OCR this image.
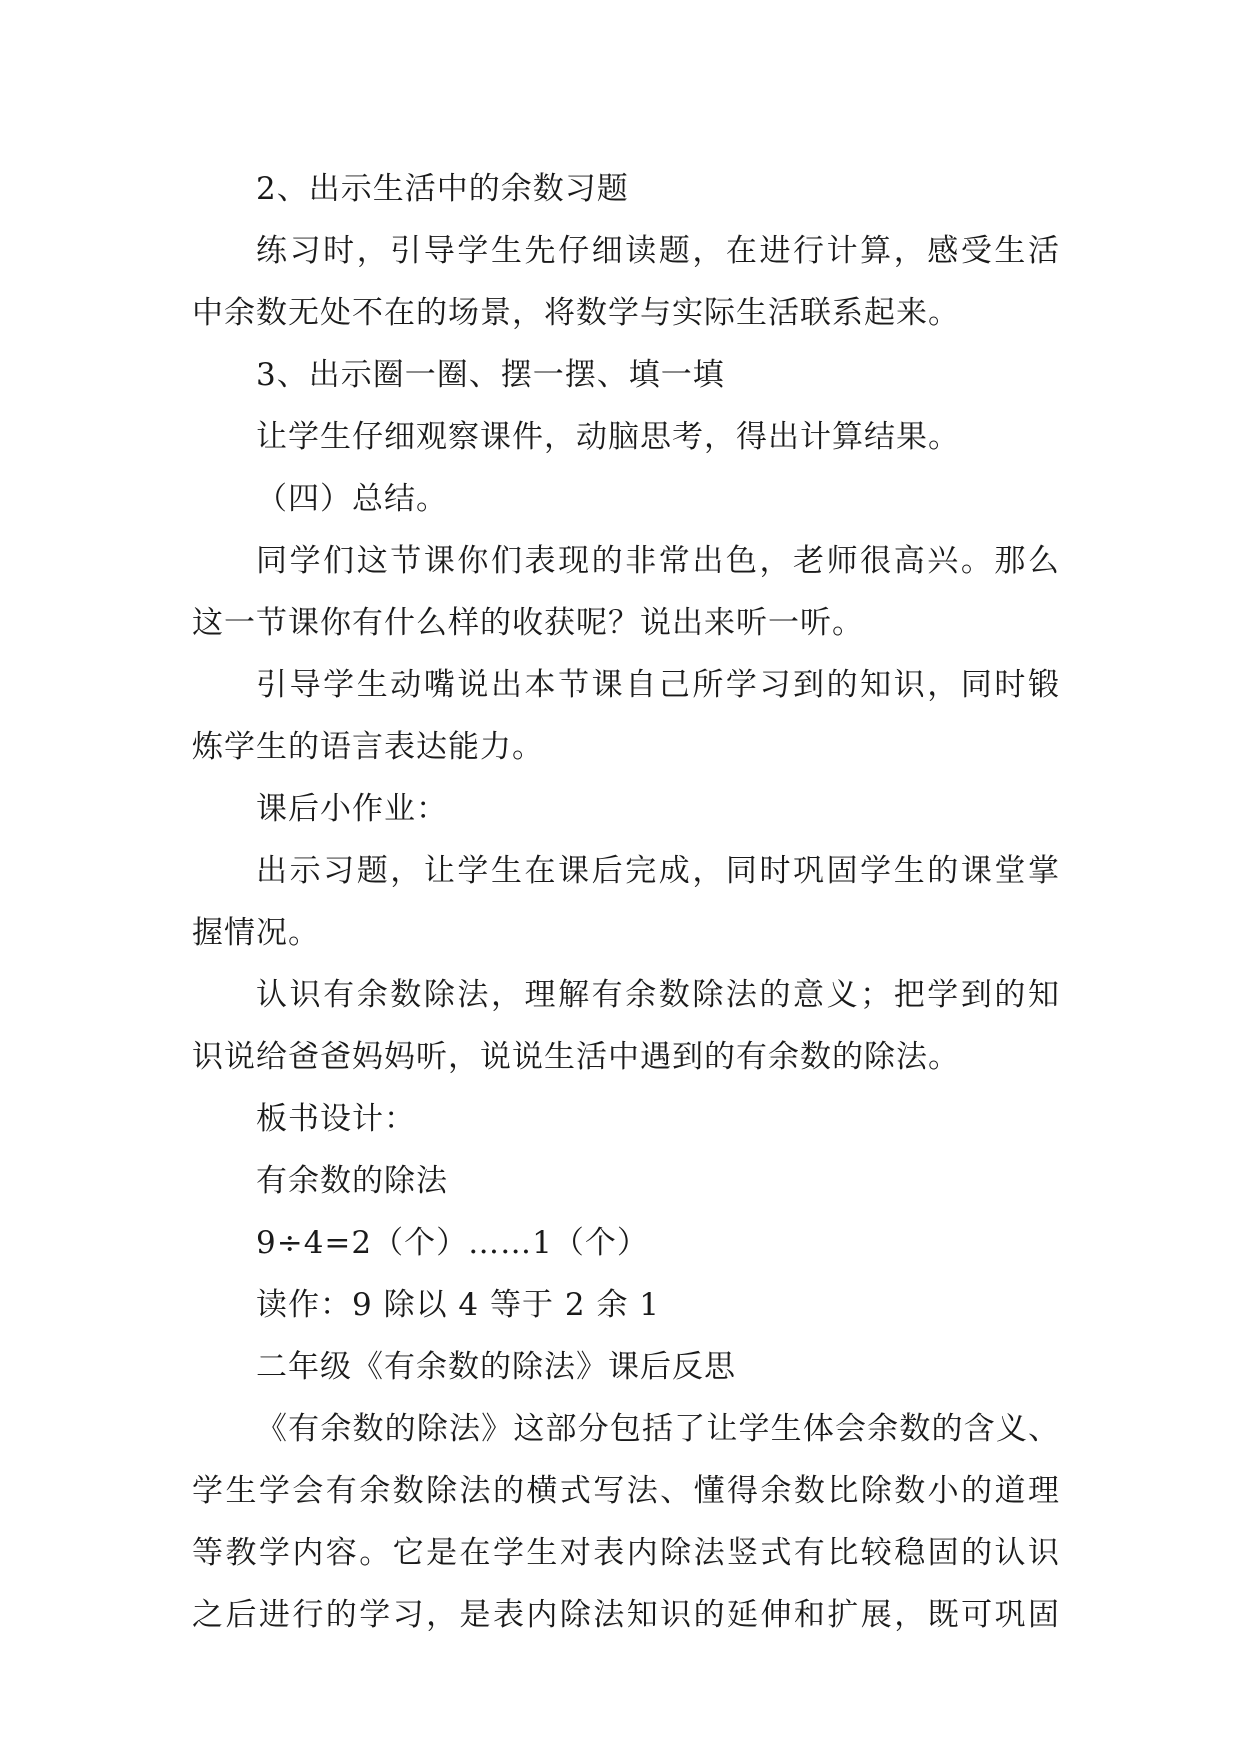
2、出示生活中的余数习题
练习时，引导学生先仔细读题，在进行计算，感受生活
中余数无处不在的场景，将数学与实际生活联系起来。
3、出示圈一圈、摆一摆、填一填
让学生仔细观察课件，动脑思考，得出计算结果。
（四）总结。
同学们这节课你们表现的非常出色，老师很高兴。那么
这一节课你有什么样的收获呢？说出来听一听。
引导学生动嘴说出本节课自己所学习到的知识，同时锻
炼学生的语言表达能力。
课后小作业：
出示习题，让学生在课后完成，同时巩固学生的课堂掌
握情况。
认识有余数除法，理解有余数除法的意义；把学到的知
识说给爸爸妈妈听，说说生活中遇到的有余数的除法。
板书设计：
有余数的除法
9÷4=2（个）……1（个）
读作：9 除以 4 等于 2 余 1
二年级《有余数的除法》课后反思
《有余数的除法》这部分包括了让学生体会余数的含义、
学生学会有余数除法的横式写法、懂得余数比除数小的道理
等教学内容。它是在学生对表内除法竖式有比较稳固的认识
之后进行的学习，是表内除法知识的延伸和扩展，既可巩固
